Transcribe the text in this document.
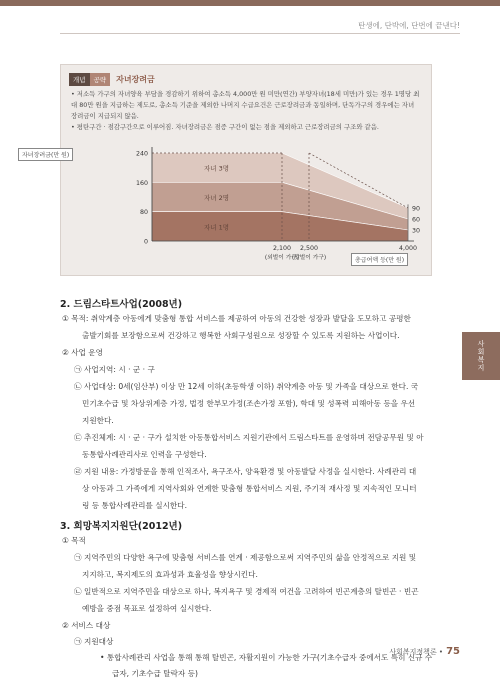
탄생에, 단박에, 단번에 끝낸다!
개념	공략	자녀장려금
• 저소득 가구의 자녀양육 부담을 경감하기 위하여 총소득 4,000만 원 미만(연간) 부양자녀(18세 미만)가 있는 경우 1명당 최
대 80만 원을 지급하는 제도로, 총소득 기준을 제외한 나머지 수급요건은 근로장려금과 동일하며, 단독가구의 경우에는 자녀
장려금이 지급되지 않음.
• 평탄구간 · 점감구간으로 이루어짐. 자녀장려금은 점증 구간이 없는 점을 제외하고 근로장려금의 구조와 같음.
자녀장려금(만 원)
자녀 3명
자녀 2명
자녀 1명
240
160
80
0
90
60
30
2,100 2,500	4,000
(외벌이 가구)
(맞벌이 가구)	총급여액 등(만 원)
사회복지
2. 드림스타트사업(2008년)
① 목적: 취약계층 아동에게 맞춤형 통합 서비스를 제공하여 아동의 건강한 성장과 발달을 도모하고 공평한
출발기회를 보장함으로써 건강하고 행복한 사회구성원으로 성장할 수 있도록 지원하는 사업이다.
② 사업 운영
㉠ 사업지역: 시 · 군 · 구
㉡ 사업대상: 0세(임산부) 이상 만 12세 이하(초등학생 이하) 취약계층 아동 및 가족을 대상으로 한다. 국
민기초수급 및 차상위계층 가정, 법정 한부모가정(조손가정 포함), 학대 및 성폭력 피해아동 등을 우선
지원한다.
㉢ 추진체계: 시 · 군 · 구가 설치한 아동통합서비스 지원기관에서 드림스타트를 운영하며 전담공무원 및 아
동통합사례관리사로 인력을 구성한다.
㉣ 지원 내용: 가정방문을 통해 인적조사, 욕구조사, 양육환경 및 아동발달 사정을 실시한다. 사례관리 대
상 아동과 그 가족에게 지역사회와 연계한 맞춤형 통합서비스 지원, 주기적 재사정 및 지속적인 모니터
링 등 통합사례관리를 실시한다.
3. 희망복지지원단(2012년)
① 목적
㉠ 지역주민의 다양한 욕구에 맞춤형 서비스를 연계 · 제공함으로써 지역주민의 삶을 안정적으로 지원 및
지지하고, 복지제도의 효과성과 효율성을 향상시킨다.
㉡ 일반적으로 지역주민을 대상으로 하나, 복지욕구 및 경제적 여건을 고려하여 빈곤계층의 탈빈곤 · 빈곤
예방을 중점 목표로 설정하여 실시한다.
② 서비스 대상
㉠ 지원대상
• 통합사례관리 사업을 통해 통해 탈빈곤, 자활지원이 가능한 가구(기초수급자 중에서도 특히 신규 수
급자, 기초수급 탈락자 등)
사회복지정책론 • 75
